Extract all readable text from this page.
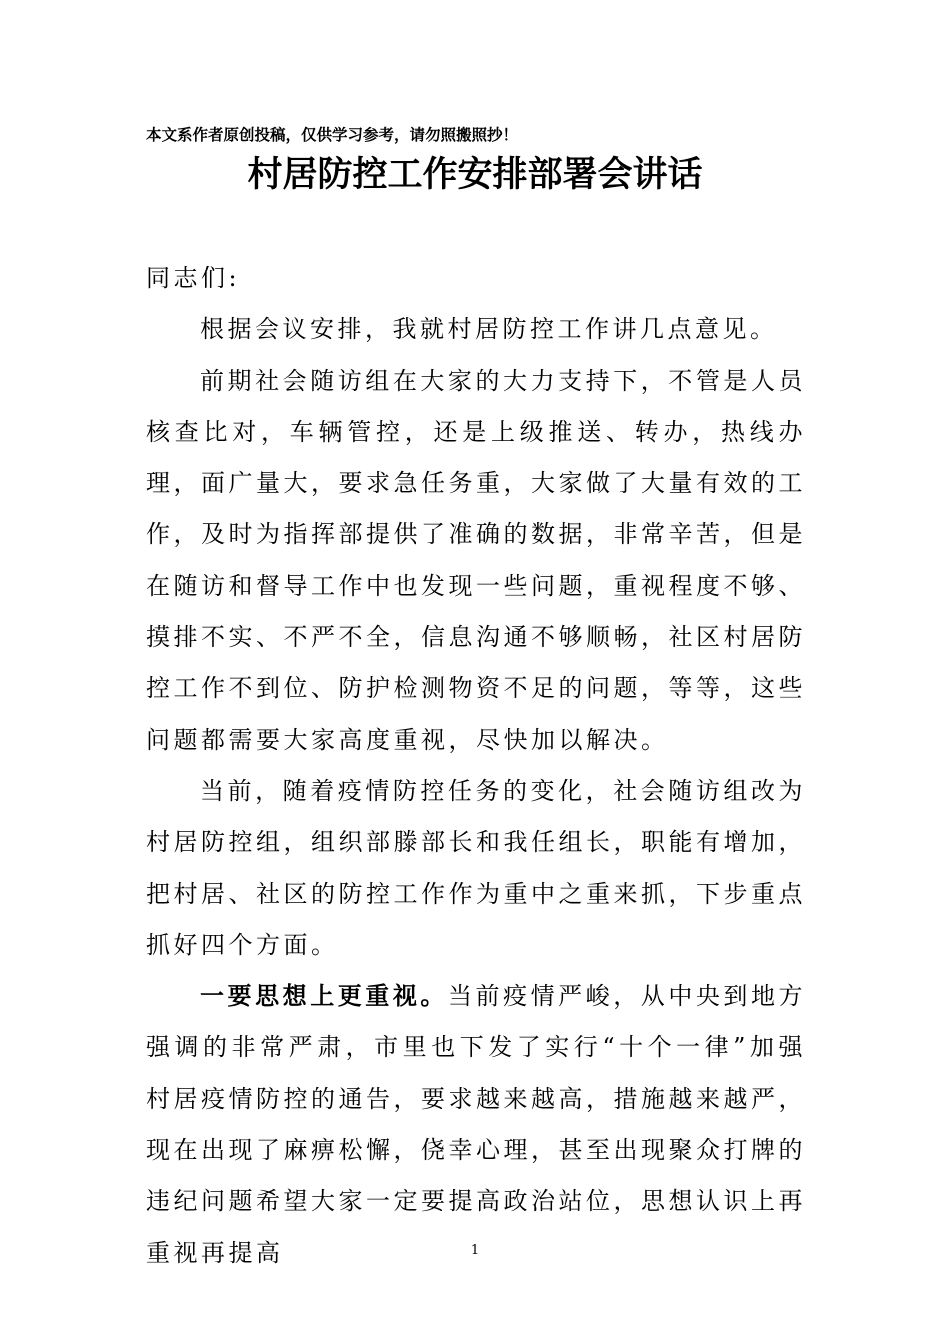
本文系作者原创投稿，仅供学习参考，请勿照搬照抄！
村居防控工作安排部署会讲话

同志们:

根据会议安排，我就村居防控工作讲几点意见。

前期社会随访组在大家的大力支持下，不管是人员核查比对，车辆管控，还是上级推送、转办，热线办理，面广量大，要求急任务重，大家做了大量有效的工作，及时为指挥部提供了准确的数据，非常辛苦，但是在随访和督导工作中也发现一些问题，重视程度不够、摸排不实、不严不全，信息沟通不够顺畅，社区村居防控工作不到位、防护检测物资不足的问题，等等，这些问题都需要大家高度重视，尽快加以解决。

当前，随着疫情防控任务的变化，社会随访组改为村居防控组，组织部滕部长和我任组长，职能有增加，把村居、社区的防控工作作为重中之重来抓，下步重点抓好四个方面。

一要思想上更重视。当前疫情严峻，从中央到地方强调的非常严肃，市里也下发了实行“十个一律”加强村居疫情防控的通告，要求越来越高，措施越来越严，现在出现了麻痹松懈，侥幸心理，甚至出现聚众打牌的违纪问题希望大家一定要提高政治站位，思想认识上再重视再提高	1
